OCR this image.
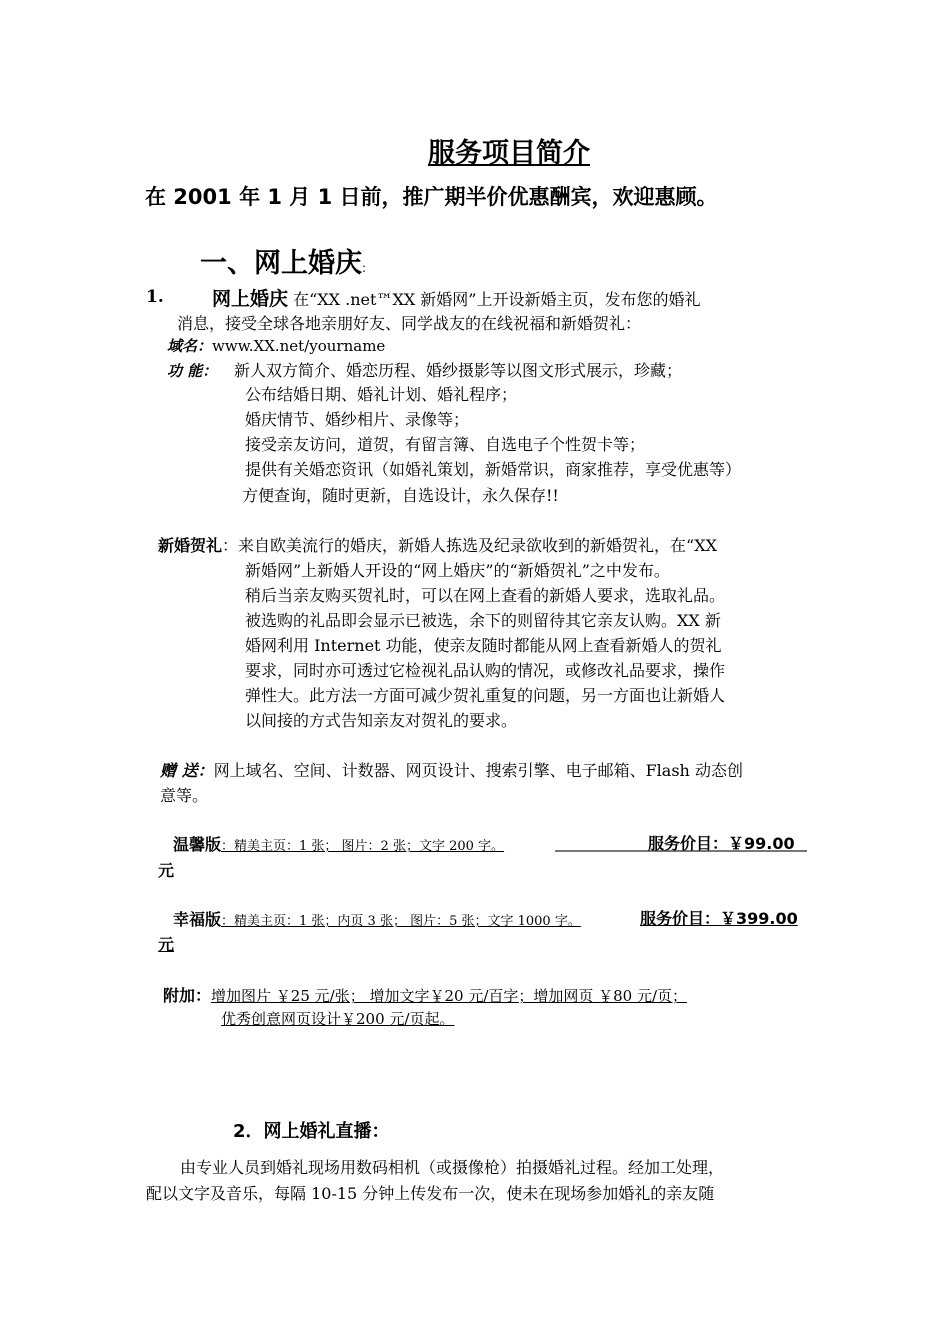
服务项目简介
在 2001 年 1 月 1 日前，推广期半价优惠酬宾，欢迎惠顾。
一、网上婚庆:
1.	网上婚庆 在“XX .net™XX 新婚网”上开设新婚主页，发布您的婚礼
消息，接受全球各地亲朋好友、同学战友的在线祝福和新婚贺礼：
域名：www.XX.net/yourname
功 能： 新人双方简介、婚恋历程、婚纱摄影等以图文形式展示，珍藏；
公布结婚日期、婚礼计划、婚礼程序；
婚庆情节、婚纱相片、录像等；
接受亲友访问，道贺，有留言簿、自选电子个性贺卡等；
提供有关婚恋资讯（如婚礼策划，新婚常识，商家推荐，享受优惠等）
方便查询，随时更新，自选设计，永久保存!!
新婚贺礼：来自欧美流行的婚庆，新婚人拣选及纪录欲收到的新婚贺礼，在“XX
新婚网”上新婚人开设的“网上婚庆”的“新婚贺礼”之中发布。
稍后当亲友购买贺礼时，可以在网上查看的新婚人要求，选取礼品。
被选购的礼品即会显示已被选，余下的则留待其它亲友认购。XX 新
婚网利用 Internet 功能，使亲友随时都能从网上查看新婚人的贺礼
要求，同时亦可透过它检视礼品认购的情况，或修改礼品要求，操作
弹性大。此方法一方面可减少贺礼重复的问题，另一方面也让新婚人
以间接的方式告知亲友对贺礼的要求。
赠 送：网上域名、空间、计数器、网页设计、搜索引擎、电子邮箱、Flash 动态创
意等。
温馨版：精美主页：1 张； 图片：2 张；文字 200 字。	服务价目：￥99.00
元
幸福版：精美主页：1 张；内页 3 张； 图片：5 张；文字 1000 字。	服务价目：￥399.00
元
附加：增加图片 ￥25 元/张； 增加文字￥20 元/百字；增加网页 ￥80 元/页；
优秀创意网页设计￥200 元/页起。
2．网上婚礼直播：
由专业人员到婚礼现场用数码相机（或摄像枪）拍摄婚礼过程。经加工处理，
配以文字及音乐，每隔 10-15 分钟上传发布一次，使未在现场参加婚礼的亲友随
